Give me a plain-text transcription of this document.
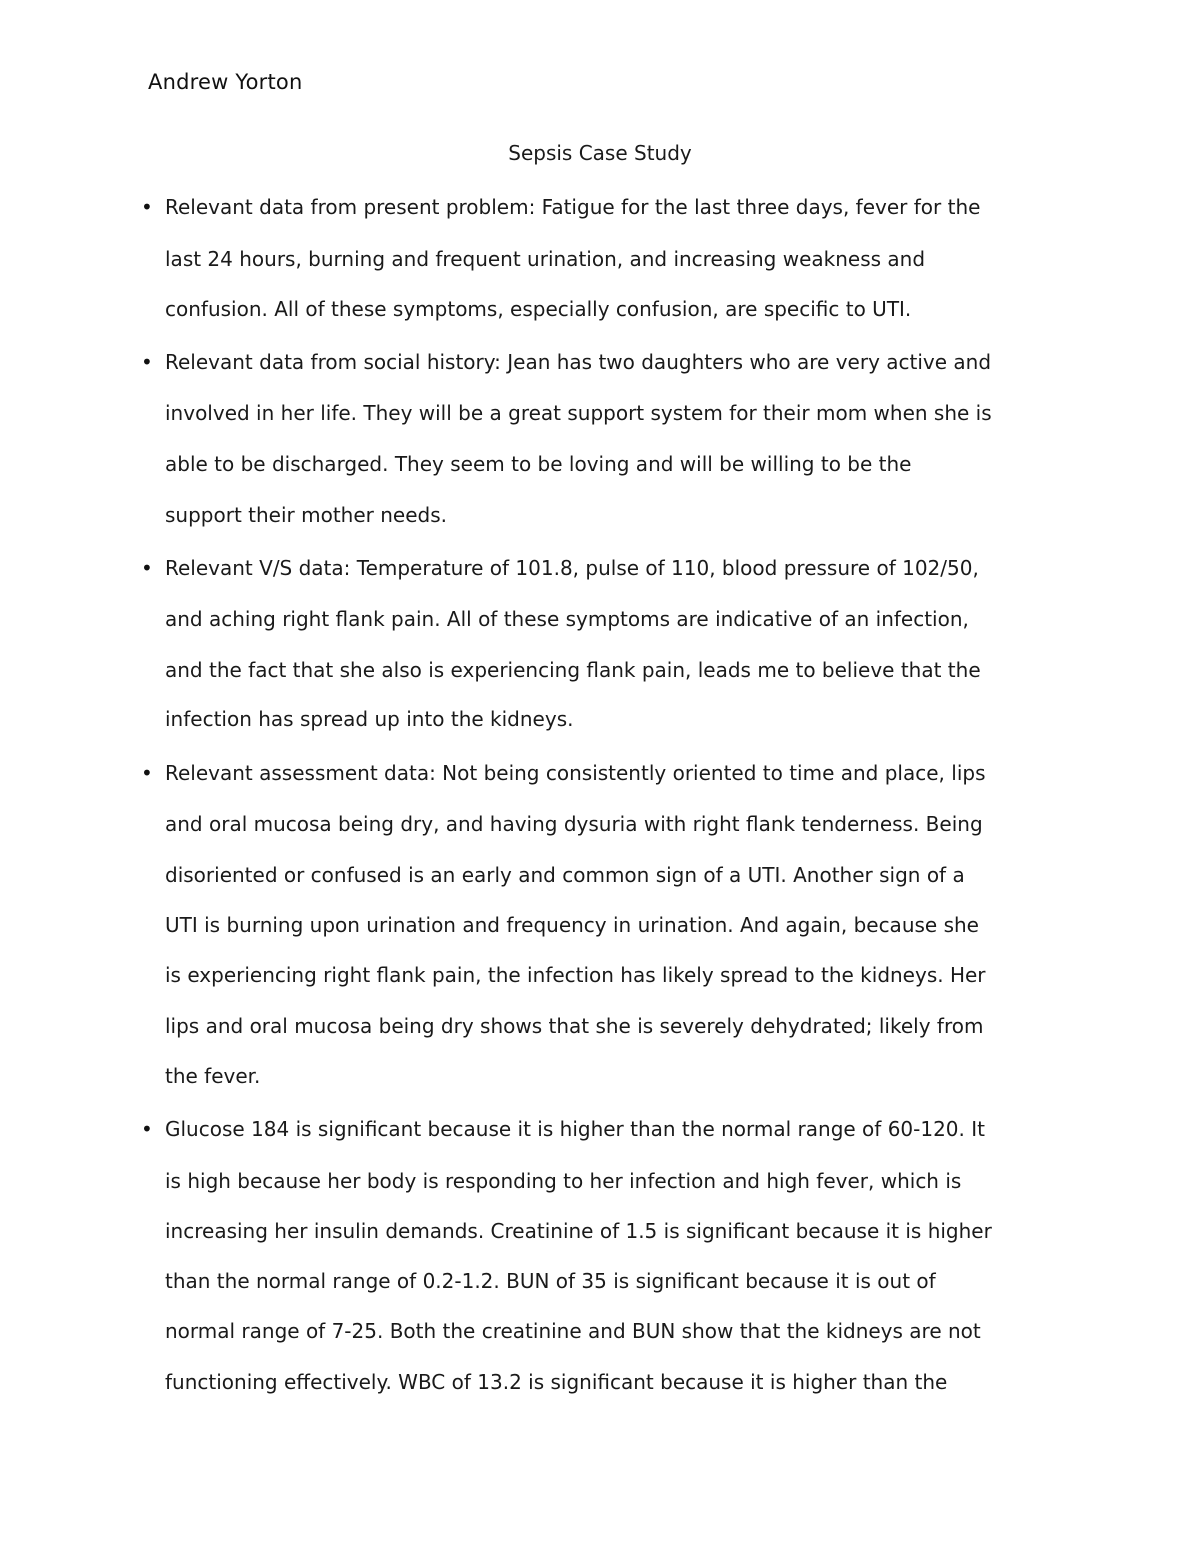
Andrew Yorton
Sepsis Case Study
• Relevant data from present problem: Fatigue for the last three days, fever for the
last 24 hours, burning and frequent urination, and increasing weakness and
confusion. All of these symptoms, especially confusion, are specific to UTI.
• Relevant data from social history: Jean has two daughters who are very active and
involved in her life. They will be a great support system for their mom when she is
able to be discharged. They seem to be loving and will be willing to be the
support their mother needs.
• Relevant V/S data: Temperature of 101.8, pulse of 110, blood pressure of 102/50,
and aching right flank pain. All of these symptoms are indicative of an infection,
and the fact that she also is experiencing flank pain, leads me to believe that the
infection has spread up into the kidneys.
• Relevant assessment data: Not being consistently oriented to time and place, lips
and oral mucosa being dry, and having dysuria with right flank tenderness. Being
disoriented or confused is an early and common sign of a UTI. Another sign of a
UTI is burning upon urination and frequency in urination. And again, because she
is experiencing right flank pain, the infection has likely spread to the kidneys. Her
lips and oral mucosa being dry shows that she is severely dehydrated; likely from
the fever.
• Glucose 184 is significant because it is higher than the normal range of 60-120. It
is high because her body is responding to her infection and high fever, which is
increasing her insulin demands. Creatinine of 1.5 is significant because it is higher
than the normal range of 0.2-1.2. BUN of 35 is significant because it is out of
normal range of 7-25. Both the creatinine and BUN show that the kidneys are not
functioning effectively. WBC of 13.2 is significant because it is higher than the
